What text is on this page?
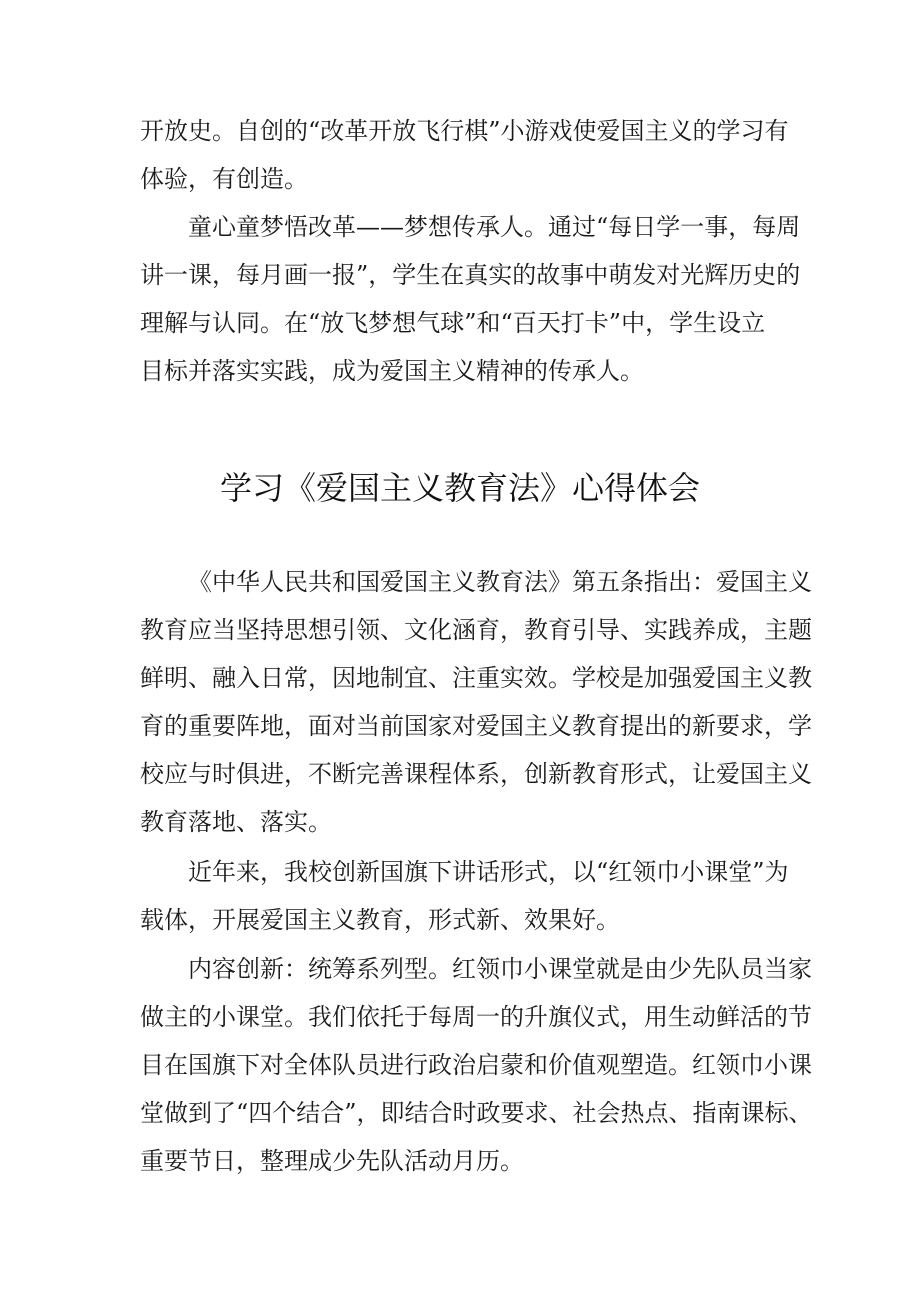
开放史。自创的“改革开放飞行棋”小游戏使爱国主义的学习有
体验，有创造。
童心童梦悟改革——梦想传承人。通过“每日学一事，每周
讲一课，每月画一报”，学生在真实的故事中萌发对光辉历史的
理解与认同。在“放飞梦想气球”和“百天打卡”中，学生设立
目标并落实实践，成为爱国主义精神的传承人。
学习《爱国主义教育法》心得体会
《中华人民共和国爱国主义教育法》第五条指出：爱国主义
教育应当坚持思想引领、文化涵育，教育引导、实践养成，主题
鲜明、融入日常，因地制宜、注重实效。学校是加强爱国主义教
育的重要阵地，面对当前国家对爱国主义教育提出的新要求，学
校应与时俱进，不断完善课程体系，创新教育形式，让爱国主义
教育落地、落实。
近年来，我校创新国旗下讲话形式，以“红领巾小课堂”为
载体，开展爱国主义教育，形式新、效果好。
内容创新：统筹系列型。红领巾小课堂就是由少先队员当家
做主的小课堂。我们依托于每周一的升旗仪式，用生动鲜活的节
目在国旗下对全体队员进行政治启蒙和价值观塑造。红领巾小课
堂做到了“四个结合”，即结合时政要求、社会热点、指南课标、
重要节日，整理成少先队活动月历。
